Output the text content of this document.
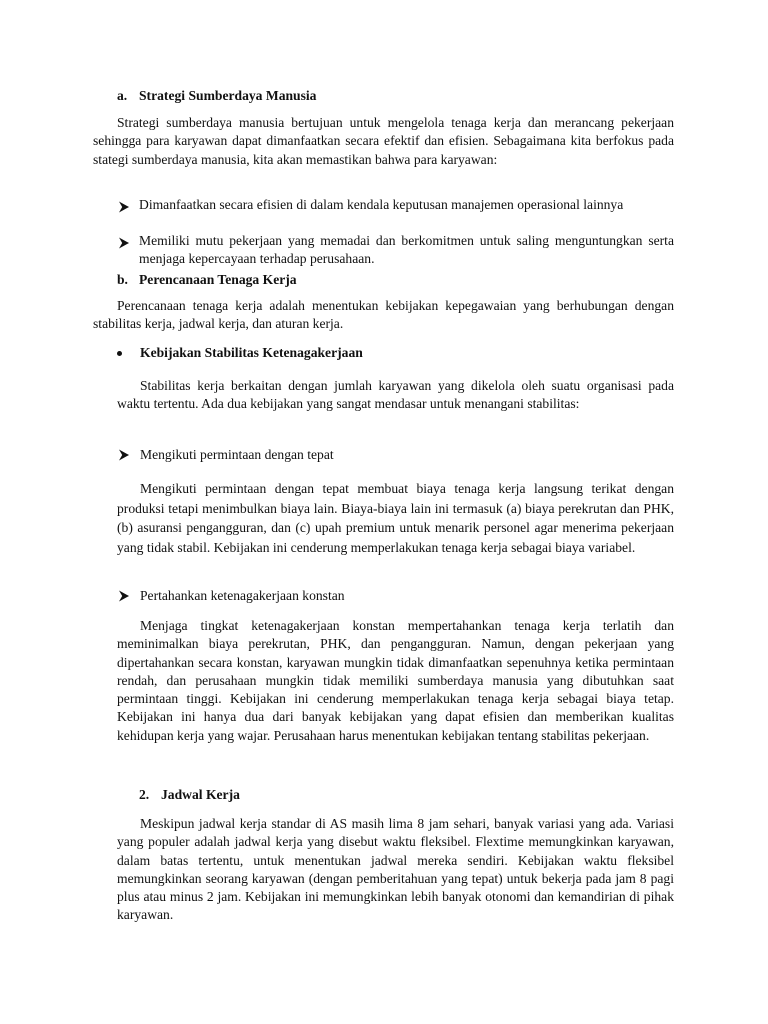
a. Strategi Sumberdaya Manusia

Strategi sumberdaya manusia bertujuan untuk mengelola tenaga kerja dan merancang pekerjaan sehingga para karyawan dapat dimanfaatkan secara efektif dan efisien. Sebagaimana kita berfokus pada stategi sumberdaya manusia, kita akan memastikan bahwa para karyawan:

Dimanfaatkan secara efisien di dalam kendala keputusan manajemen operasional lainnya

Memiliki mutu pekerjaan yang memadai dan berkomitmen untuk saling menguntungkan serta menjaga kepercayaan terhadap perusahaan.

b. Perencanaan Tenaga Kerja

Perencanaan tenaga kerja adalah menentukan kebijakan kepegawaian yang berhubungan dengan stabilitas kerja, jadwal kerja, dan aturan kerja.

Kebijakan Stabilitas Ketenagakerjaan

Stabilitas kerja berkaitan dengan jumlah karyawan yang dikelola oleh suatu organisasi pada waktu tertentu. Ada dua kebijakan yang sangat mendasar untuk menangani stabilitas:

Mengikuti permintaan dengan tepat

Mengikuti permintaan dengan tepat membuat biaya tenaga kerja langsung terikat dengan produksi tetapi menimbulkan biaya lain. Biaya-biaya lain ini termasuk (a) biaya perekrutan dan PHK, (b) asuransi pengangguran, dan (c) upah premium untuk menarik personel agar menerima pekerjaan yang tidak stabil. Kebijakan ini cenderung memperlakukan tenaga kerja sebagai biaya variabel.

Pertahankan ketenagakerjaan konstan

Menjaga tingkat ketenagakerjaan konstan mempertahankan tenaga kerja terlatih dan meminimalkan biaya perekrutan, PHK, dan pengangguran. Namun, dengan pekerjaan yang dipertahankan secara konstan, karyawan mungkin tidak dimanfaatkan sepenuhnya ketika permintaan rendah, dan perusahaan mungkin tidak memiliki sumberdaya manusia yang dibutuhkan saat permintaan tinggi. Kebijakan ini cenderung memperlakukan tenaga kerja sebagai biaya tetap. Kebijakan ini hanya dua dari banyak kebijakan yang dapat efisien dan memberikan kualitas kehidupan kerja yang wajar. Perusahaan harus menentukan kebijakan tentang stabilitas pekerjaan.

2. Jadwal Kerja

Meskipun jadwal kerja standar di AS masih lima 8 jam sehari, banyak variasi yang ada. Variasi yang populer adalah jadwal kerja yang disebut waktu fleksibel. Flextime memungkinkan karyawan, dalam batas tertentu, untuk menentukan jadwal mereka sendiri. Kebijakan waktu fleksibel memungkinkan seorang karyawan (dengan pemberitahuan yang tepat) untuk bekerja pada jam 8 pagi plus atau minus 2 jam. Kebijakan ini memungkinkan lebih banyak otonomi dan kemandirian di pihak karyawan.
